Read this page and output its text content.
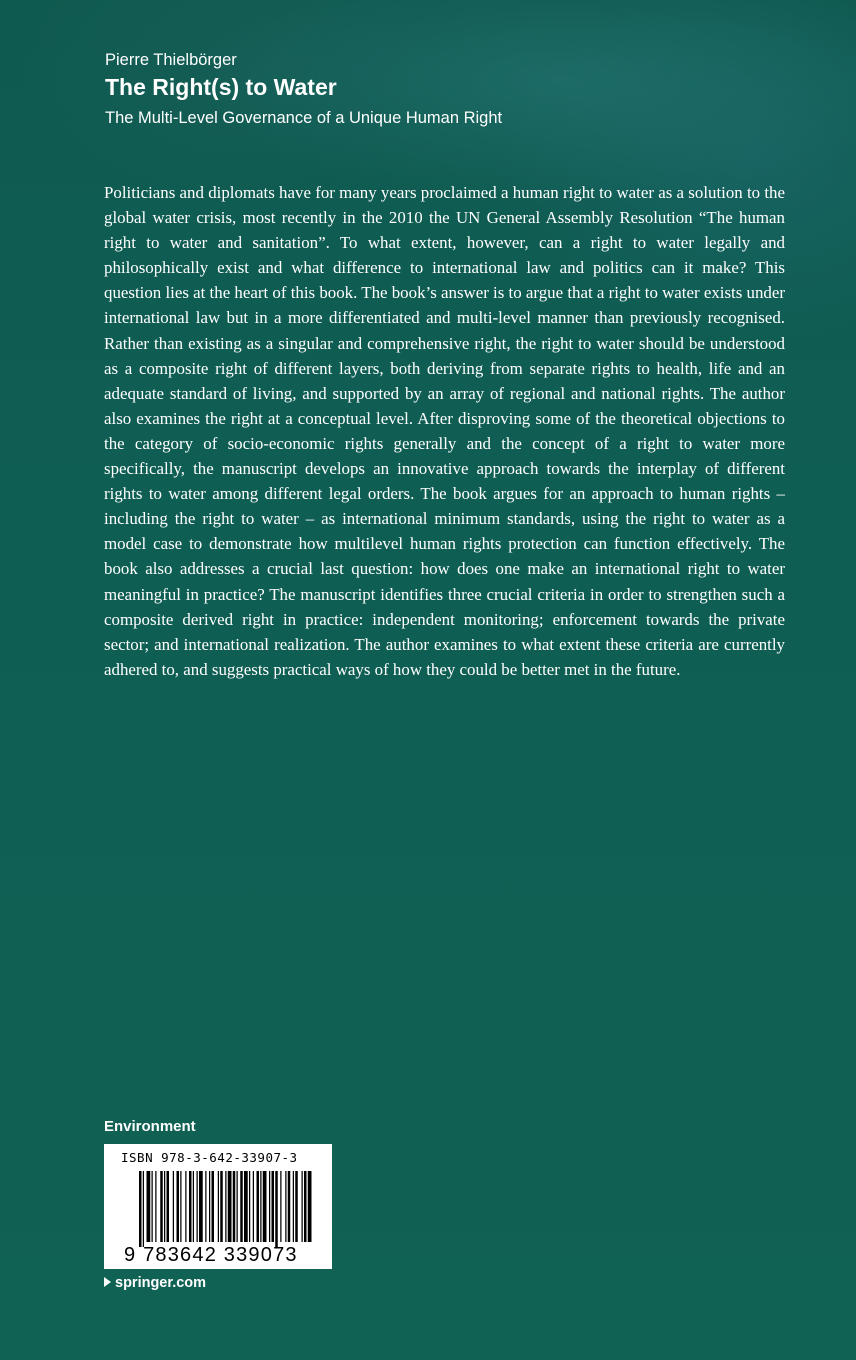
Pierre Thielbörger

The Right(s) to Water

The Multi-Level Governance of a Unique Human Right

Politicians and diplomats have for many years proclaimed a human right to water as a solution to the global water crisis, most recently in the 2010 the UN General Assembly Resolution “The human right to water and sanitation”. To what extent, however, can a right to water legally and philosophically exist and what difference to international law and politics can it make? This question lies at the heart of this book. The book’s answer is to argue that a right to water exists under international law but in a more differentiated and multi-level manner than previously recognised. Rather than existing as a singular and comprehensive right, the right to water should be understood as a composite right of different layers, both deriving from separate rights to health, life and an adequate standard of living, and supported by an array of regional and national rights. The author also examines the right at a conceptual level. After disproving some of the theoretical objections to the category of socio-economic rights generally and the concept of a right to water more specifically, the manuscript develops an innovative approach towards the interplay of different rights to water among different legal orders. The book argues for an approach to human rights – including the right to water – as international minimum standards, using the right to water as a model case to demonstrate how multilevel human rights protection can function effectively. The book also addresses a crucial last question: how does one make an international right to water meaningful in practice? The manuscript identifies three crucial criteria in order to strengthen such a composite derived right in practice: independent monitoring; enforcement towards the private sector; and international realization. The author examines to what extent these criteria are currently adhered to, and suggests practical ways of how they could be better met in the future.

Environment
ISBN 978-3-642-33907-3
9 783642 339073
springer.com
